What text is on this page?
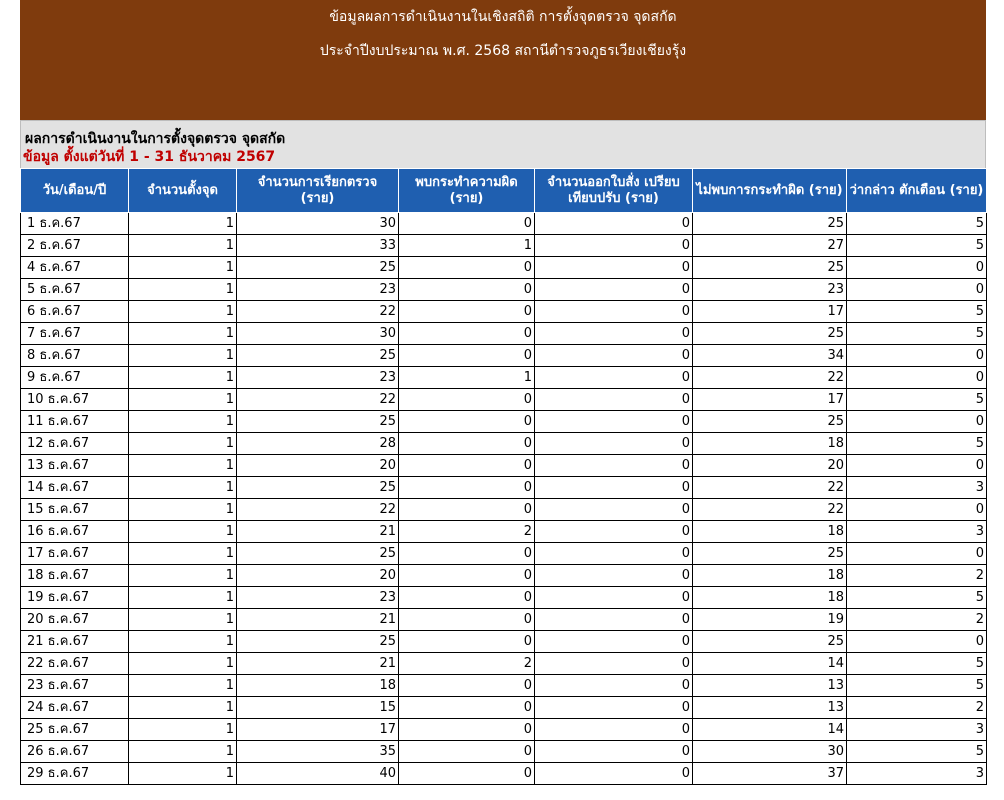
ข้อมูลผลการดำเนินงานในเชิงสถิติ การตั้งจุดตรวจ จุดสกัด
ประจำปีงบประมาณ พ.ศ. 2568 สถานีตำรวจภูธรเวียงเชียงรุ้ง
ผลการดำเนินงานในการตั้งจุดตรวจ จุดสกัด
ข้อมูล ตั้งแต่วันที่ 1 - 31 ธันวาคม 2567
วัน/เดือน/ปี	จำนวนตั้งจุด	จำนวนการเรียกตรวจ (ราย)	พบกระทำความผิด (ราย)	จำนวนออกใบสั่ง เปรียบเทียบปรับ (ราย)	ไม่พบการกระทำผิด (ราย)	ว่ากล่าว ตักเตือน (ราย)
1 ธ.ค.67	1	30	0	0	25	5
2 ธ.ค.67	1	33	1	0	27	5
4 ธ.ค.67	1	25	0	0	25	0
5 ธ.ค.67	1	23	0	0	23	0
6 ธ.ค.67	1	22	0	0	17	5
7 ธ.ค.67	1	30	0	0	25	5
8 ธ.ค.67	1	25	0	0	34	0
9 ธ.ค.67	1	23	1	0	22	0
10 ธ.ค.67	1	22	0	0	17	5
11 ธ.ค.67	1	25	0	0	25	0
12 ธ.ค.67	1	28	0	0	18	5
13 ธ.ค.67	1	20	0	0	20	0
14 ธ.ค.67	1	25	0	0	22	3
15 ธ.ค.67	1	22	0	0	22	0
16 ธ.ค.67	1	21	2	0	18	3
17 ธ.ค.67	1	25	0	0	25	0
18 ธ.ค.67	1	20	0	0	18	2
19 ธ.ค.67	1	23	0	0	18	5
20 ธ.ค.67	1	21	0	0	19	2
21 ธ.ค.67	1	25	0	0	25	0
22 ธ.ค.67	1	21	2	0	14	5
23 ธ.ค.67	1	18	0	0	13	5
24 ธ.ค.67	1	15	0	0	13	2
25 ธ.ค.67	1	17	0	0	14	3
26 ธ.ค.67	1	35	0	0	30	5
29 ธ.ค.67	1	40	0	0	37	3
